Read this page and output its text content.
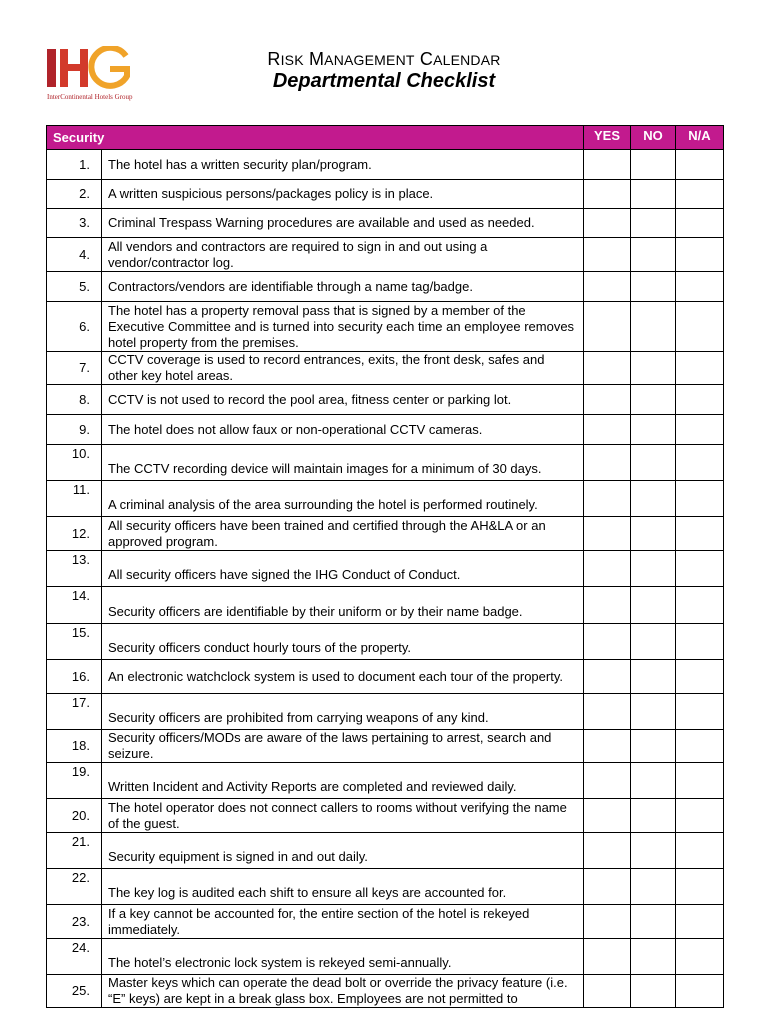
InterContinental Hotels Group
RISK MANAGEMENT CALENDAR
Departmental Checklist
Security		YES	NO	N/A
1.	The hotel has a written security plan/program.			
2.	A written suspicious persons/packages policy is in place.			
3.	Criminal Trespass Warning procedures are available and used as needed.			
4.	All vendors and contractors are required to sign in and out using a vendor/contractor log.			
5.	Contractors/vendors are identifiable through a name tag/badge.			
6.	The hotel has a property removal pass that is signed by a member of the Executive Committee and is turned into security each time an employee removes hotel property from the premises.			
7.	CCTV coverage is used to record entrances, exits, the front desk, safes and other key hotel areas.			
8.	CCTV is not used to record the pool area, fitness center or parking lot.			
9.	The hotel does not allow faux or non-operational CCTV cameras.			
10.	The CCTV recording device will maintain images for a minimum of 30 days.			
11.	A criminal analysis of the area surrounding the hotel is performed routinely.			
12.	All security officers have been trained and certified through the AH&LA or an approved program.			
13.	All security officers have signed the IHG Conduct of Conduct.			
14.	Security officers are identifiable by their uniform or by their name badge.			
15.	Security officers conduct hourly tours of the property.			
16.	An electronic watchclock system is used to document each tour of the property.			
17.	Security officers are prohibited from carrying weapons of any kind.			
18.	Security officers/MODs are aware of the laws pertaining to arrest, search and seizure.			
19.	Written Incident and Activity Reports are completed and reviewed daily.			
20.	The hotel operator does not connect callers to rooms without verifying the name of the guest.			
21.	Security equipment is signed in and out daily.			
22.	The key log is audited each shift to ensure all keys are accounted for.			
23.	If a key cannot be accounted for, the entire section of the hotel is rekeyed immediately.			
24.	The hotel’s electronic lock system is rekeyed semi-annually.			
25.	Master keys which can operate the dead bolt or override the privacy feature (i.e. “E” keys) are kept in a break glass box. Employees are not permitted to			
